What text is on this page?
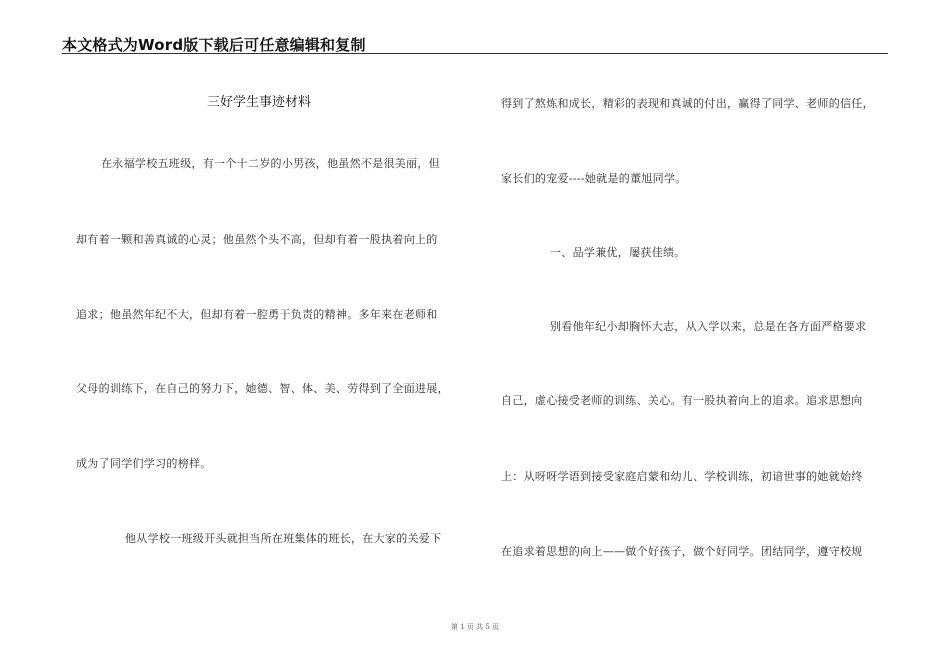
本文格式为Word版下载后可任意编辑和复制
三好学生事迹材料
在永福学校五班级，有一个十二岁的小男孩，他虽然不是很美丽，但
却有着一颗和善真诚的心灵；他虽然个头不高，但却有着一股执着向上的
追求；他虽然年纪不大，但却有着一腔勇于负责的精神。多年来在老师和
父母的训练下，在自己的努力下，她德、智、体、美、劳得到了全面进展，
成为了同学们学习的榜样。
他从学校一班级开头就担当所在班集体的班长，在大家的关爱下
得到了熬炼和成长，精彩的表现和真诚的付出，赢得了同学、老师的信任，
家长们的宠爱----她就是的董旭同学。
一、品学兼优，屡获佳绩。
别看他年纪小却胸怀大志，从入学以来，总是在各方面严格要求
自己，虚心接受老师的训练、关心。有一股执着向上的追求。追求思想向
上：从呀呀学语到接受家庭启蒙和幼儿、学校训练，初谙世事的她就始终
在追求着思想的向上——做个好孩子，做个好同学。团结同学，遵守校规
第 1 页 共 5 页
